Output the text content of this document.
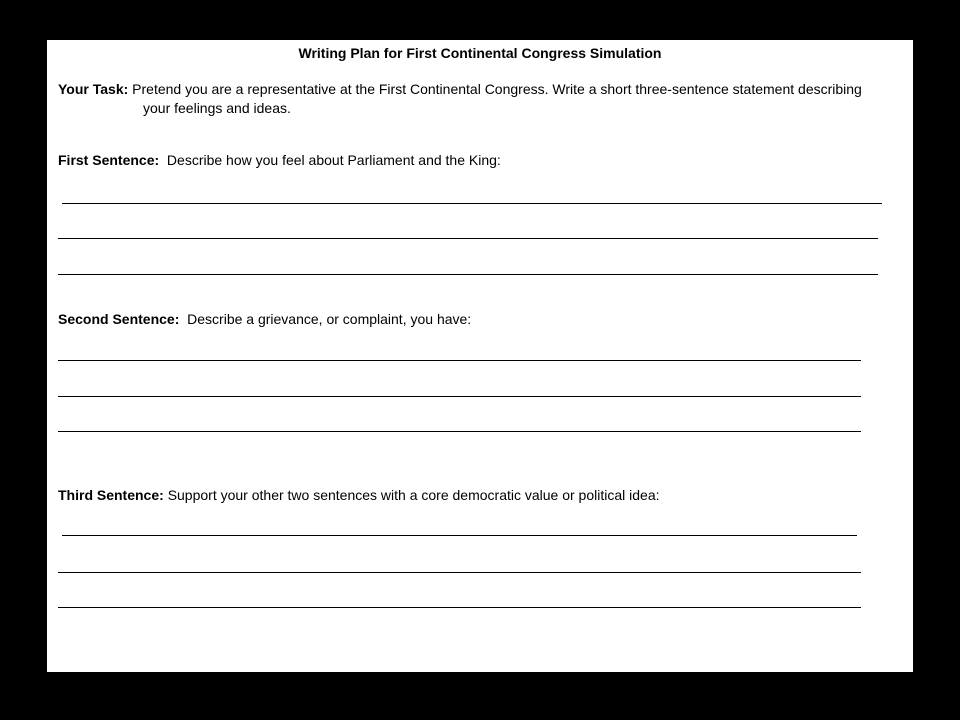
Writing Plan for First Continental Congress Simulation
Your Task: Pretend you are a representative at the First Continental Congress. Write a short three-sentence statement describing
your feelings and ideas.
First Sentence: Describe how you feel about Parliament and the King:
Second Sentence: Describe a grievance, or complaint, you have:
Third Sentence: Support your other two sentences with a core democratic value or political idea:
